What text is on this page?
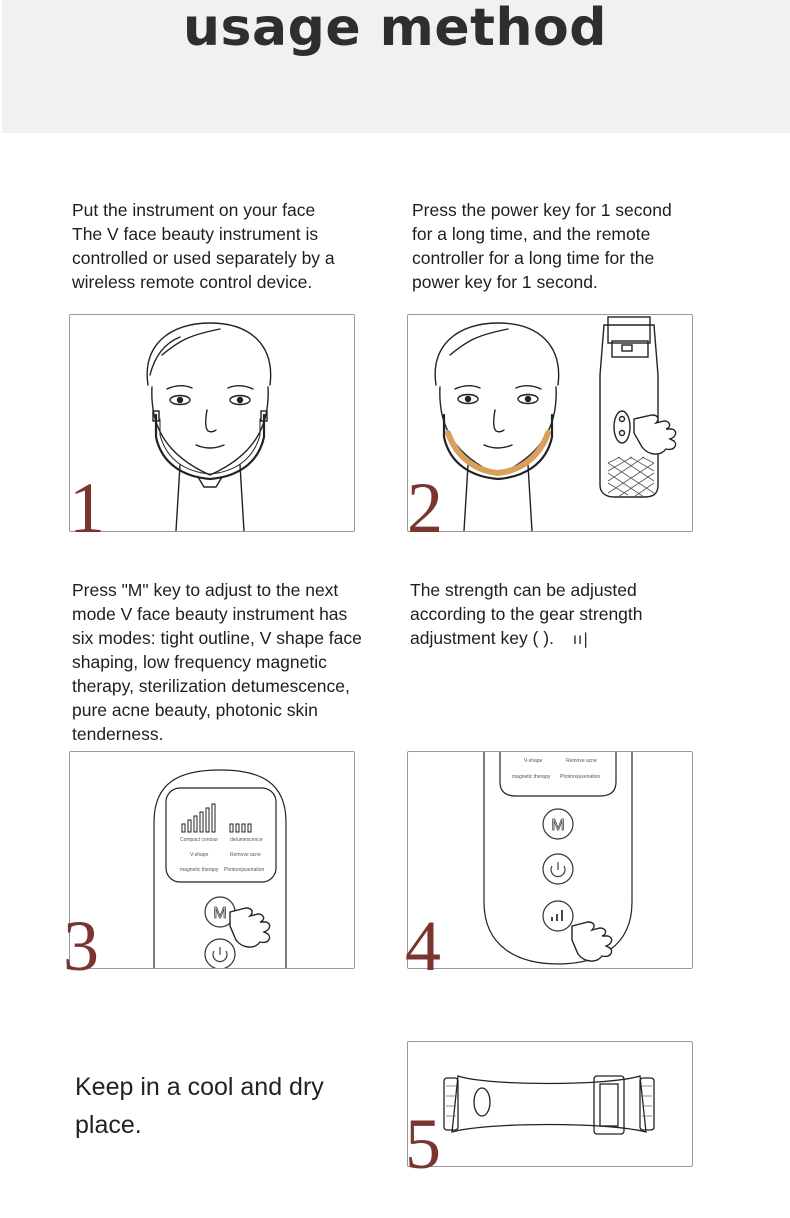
usage method

Put the instrument on your face

The V face beauty instrument is

controlled or used separately by a

wireless remote control device.

Press the power key for 1 second

for a long time, and the remote

controller for a long time for the

power key for 1 second.

1	2

Press "M" key to adjust to the next

mode V face beauty instrument has

six modes: tight outline, V shape face

shaping, low frequency magnetic

therapy, sterilization detumescence,

pure acne beauty, photonic skin

tenderness.

The strength can be adjusted

according to the gear strength

adjustment key ( ). ıı|

Compact contour detumescence
V-shape	Remove acne
magnetic therapy Photorejuvenation
M
3
V-shape	Remove acne
magnetic therapy Photorejuvenation
M
4

Keep in a cool and dry

place.	5
